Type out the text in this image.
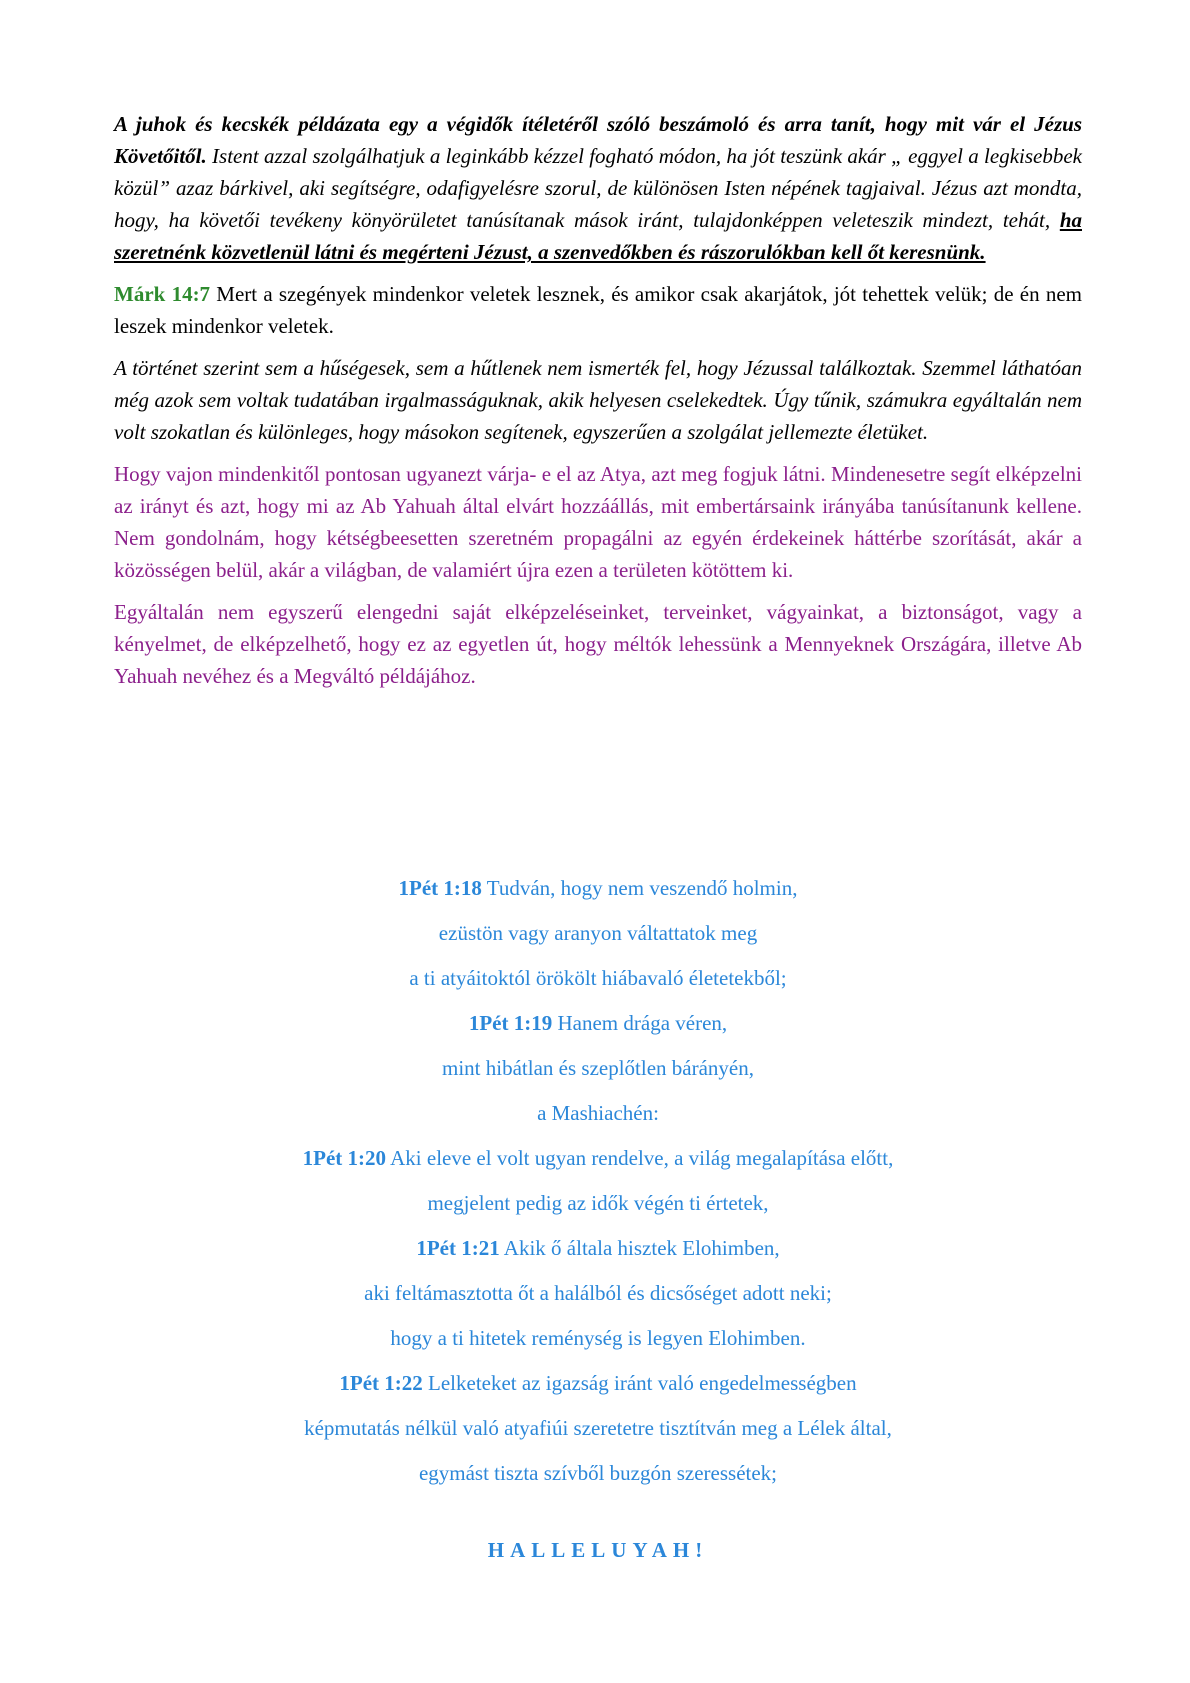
A juhok és kecskék példázata egy a végidők ítéletéről szóló beszámoló és arra tanít, hogy mit vár el Jézus Követőitől. Istent azzal szolgálhatjuk a leginkább kézzel fogható módon, ha jót teszünk akár „ eggyel a legkisebbek közül” azaz bárkivel, aki segítségre, odafigyelésre szorul, de különösen Isten népének tagjaival. Jézus azt mondta, hogy, ha követői tevékeny könyörületet tanúsítanak mások iránt, tulajdonképpen veleteszik mindezt, tehát, ha szeretnénk közvetlenül látni és megérteni Jézust, a szenvedőkben és rászorulókban kell őt keresnünk.

Márk 14:7 Mert a szegények mindenkor veletek lesznek, és amikor csak akarjátok, jót tehettek velük; de én nem leszek mindenkor veletek.

A történet szerint sem a hűségesek, sem a hűtlenek nem ismerték fel, hogy Jézussal találkoztak. Szemmel láthatóan még azok sem voltak tudatában irgalmasságuknak, akik helyesen cselekedtek. Úgy tűnik, számukra egyáltalán nem volt szokatlan és különleges, hogy másokon segítenek, egyszerűen a szolgálat jellemezte életüket.

Hogy vajon mindenkitől pontosan ugyanezt várja- e el az Atya, azt meg fogjuk látni. Mindenesetre segít elképzelni az irányt és azt, hogy mi az Ab Yahuah által elvárt hozzáállás, mit embertársaink irányába tanúsítanunk kellene. Nem gondolnám, hogy kétségbeesetten szeretném propagálni az egyén érdekeinek háttérbe szorítását, akár a közösségen belül, akár a világban, de valamiért újra ezen a területen kötöttem ki.

Egyáltalán nem egyszerű elengedni saját elképzeléseinket, terveinket, vágyainkat, a biztonságot, vagy a kényelmet, de elképzelhető, hogy ez az egyetlen út, hogy méltók lehessünk a Mennyeknek Országára, illetve Ab Yahuah nevéhez és a Megváltó példájához.

1Pét 1:18 Tudván, hogy nem veszendő holmin,
ezüstön vagy aranyon váltattatok meg
a ti atyáitoktól örökölt hiábavaló életetekből;
1Pét 1:19 Hanem drága véren,
mint hibátlan és szeplőtlen bárányén,
a Mashiachén:
1Pét 1:20 Aki eleve el volt ugyan rendelve, a világ megalapítása előtt,
megjelent pedig az idők végén ti értetek,
1Pét 1:21 Akik ő általa hisztek Elohimben,
aki feltámasztotta őt a halálból és dicsőséget adott neki;
hogy a ti hitetek reménység is legyen Elohimben.
1Pét 1:22 Lelketeket az igazság iránt való engedelmességben
képmutatás nélkül való atyafiúi szeretetre tisztítván meg a Lélek által,
egymást tiszta szívből buzgón szeressétek;
HALLELUYAH!
